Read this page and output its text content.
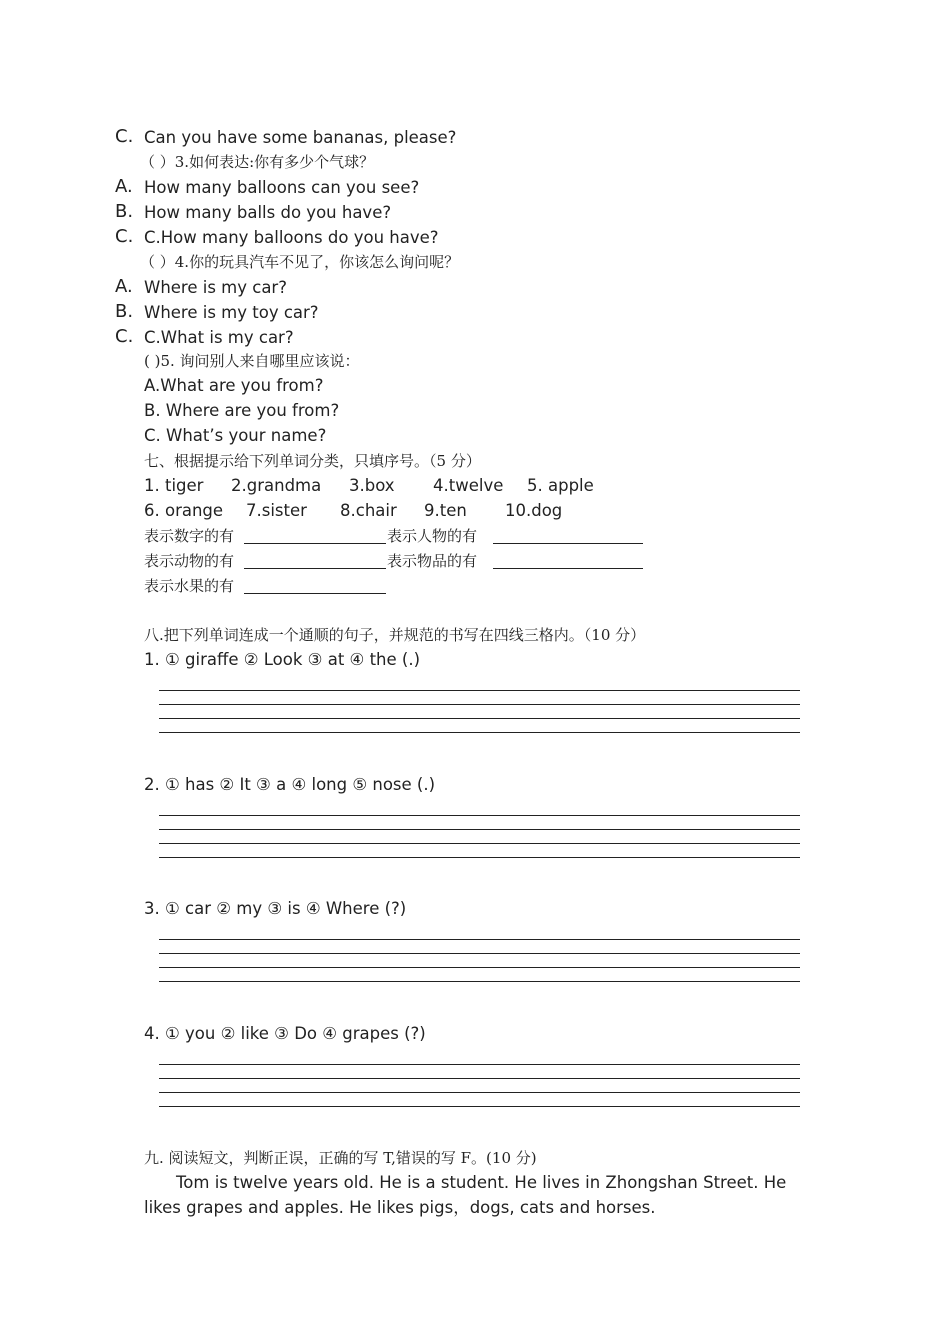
C. Can you have some bananas, please?
（ ）3.如何表达:你有多少个气球？
A. How many balloons can you see?
B. How many balls do you have?
C. C.How many balloons do you have?
（ ）4.你的玩具汽车不见了，你该怎么询问呢？
A. Where is my car?
B. Where is my toy car?
C. C.What is my car?
( )5. 询问别人来自哪里应该说：
A.What are you from?
B. Where are you from?
C. What’s your name?
七、根据提示给下列单词分类，只填序号。（5 分）
1. tiger 2.grandma 3.box 4.twelve 5. apple
6. orange 7.sister 8.chair 9.ten 10.dog
表示数字的有	表示人物的有
表示动物的有	表示物品的有
表示水果的有
八.把下列单词连成一个通顺的句子，并规范的书写在四线三格内。（10 分）
1. ① giraffe ② Look ③ at ④ the (.)
2. ① has ② It ③ a ④ long ⑤ nose (.)
3. ① car ② my ③ is ④ Where (?)
4. ① you ② like ③ Do ④ grapes (?)
九. 阅读短文，判断正误，正确的写 T,错误的写 F。(10 分)
Tom is twelve years old. He is a student. He lives in Zhongshan Street. He
likes grapes and apples. He likes pigs，dogs, cats and horses.
